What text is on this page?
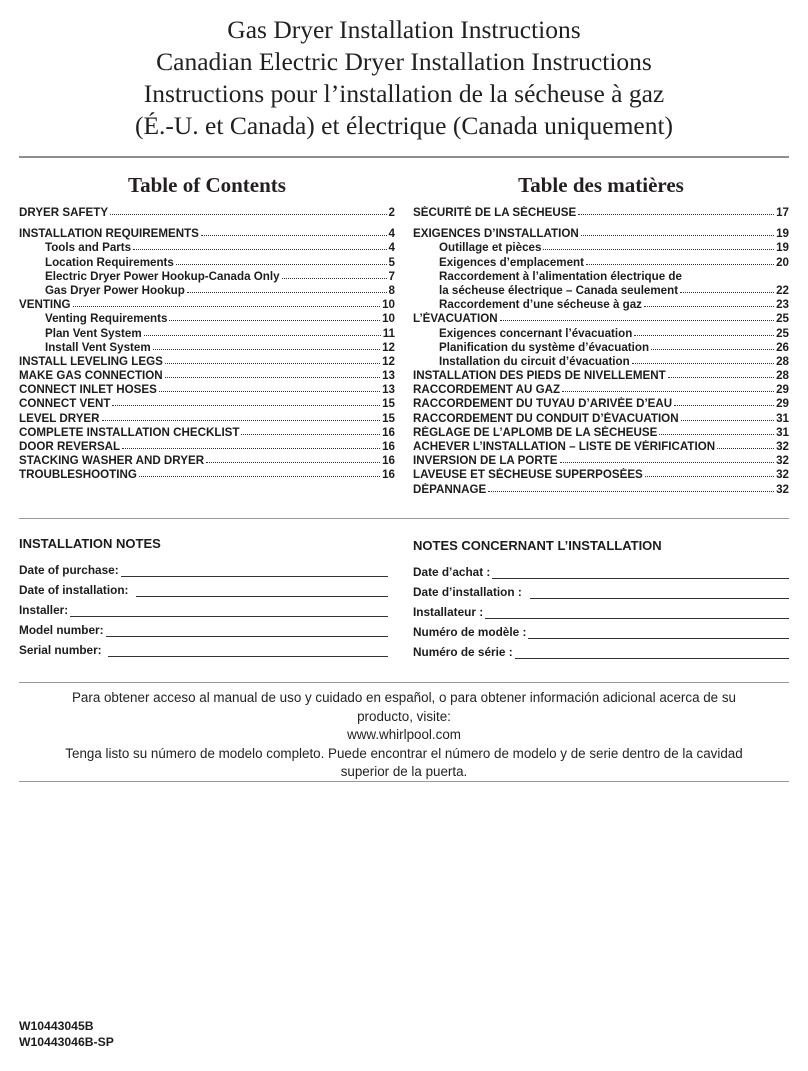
Gas Dryer Installation Instructions
Canadian Electric Dryer Installation Instructions
Instructions pour l’installation de la sécheuse à gaz
(É.-U. et Canada) et électrique (Canada uniquement)
Table of Contents
DRYER SAFETY	2
INSTALLATION REQUIREMENTS	4
Tools and Parts	4
Location Requirements	5
Electric Dryer Power Hookup-Canada Only	7
Gas Dryer Power Hookup	8
VENTING	10
Venting Requirements	10
Plan Vent System	11
Install Vent System	12
INSTALL LEVELING LEGS	12
MAKE GAS CONNECTION	13
CONNECT INLET HOSES	13
CONNECT VENT	15
LEVEL DRYER	15
COMPLETE INSTALLATION CHECKLIST	16
DOOR REVERSAL	16
STACKING WASHER AND DRYER	16
TROUBLESHOOTING	16
Table des matières
SÉCURITÉ DE LA SÉCHEUSE	17
EXIGENCES D’INSTALLATION	19
Outillage et pièces	19
Exigences d’emplacement	20
Raccordement à l’alimentation électrique de
la sécheuse électrique – Canada seulement	22
Raccordement d’une sécheuse à gaz	23
L’ÉVACUATION	25
Exigences concernant l’évacuation	25
Planification du système d’évacuation	26
Installation du circuit d’évacuation	28
INSTALLATION DES PIEDS DE NIVELLEMENT	28
RACCORDEMENT AU GAZ	29
RACCORDEMENT DU TUYAU D’ARIVÉE D’EAU	29
RACCORDEMENT DU CONDUIT D’ÉVACUATION	31
RÉGLAGE DE L’APLOMB DE LA SÉCHEUSE	31
ACHEVER L’INSTALLATION – LISTE DE VÉRIFICATION	32
INVERSION DE LA PORTE	32
LAVEUSE ET SÉCHEUSE SUPERPOSÉES	32
DÉPANNAGE	32
INSTALLATION NOTES
Date of purchase:
Date of installation:
Installer:
Model number:
Serial number:
NOTES CONCERNANT L’INSTALLATION
Date d’achat :
Date d’installation :
Installateur :
Numéro de modèle :
Numéro de série :
Para obtener acceso al manual de uso y cuidado en español, o para obtener información adicional acerca de su
producto, visite:
www.whirlpool.com
Tenga listo su número de modelo completo. Puede encontrar el número de modelo y de serie dentro de la cavidad
superior de la puerta.
W10443045B
W10443046B-SP
